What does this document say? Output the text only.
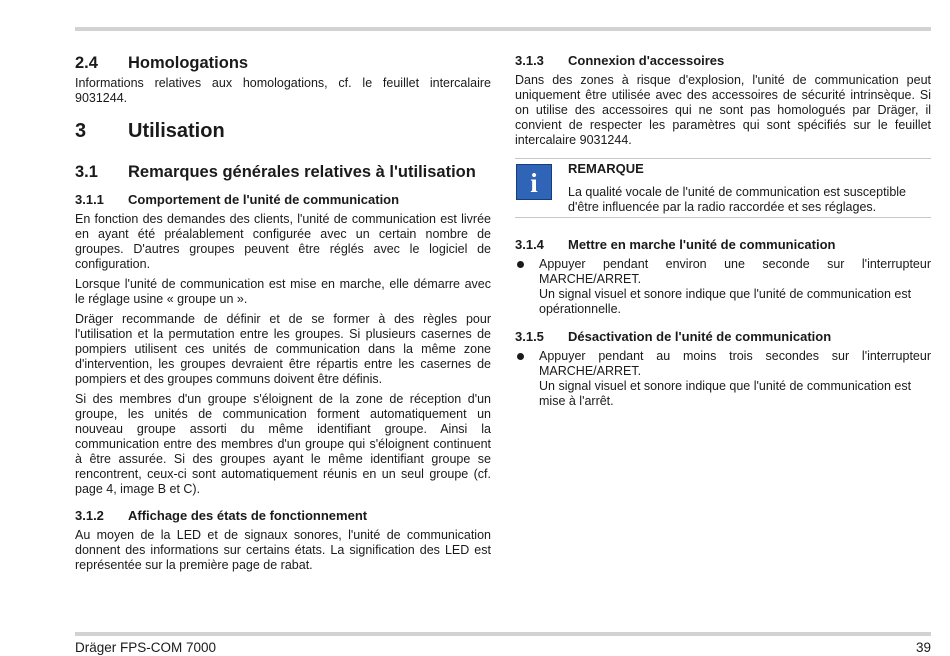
2.4 Homologations

Informations relatives aux homologations, cf. le feuillet intercalaire 9031244.

3 Utilisation
3.1 Remarques générales relatives à l'utilisation
3.1.1 Comportement de l'unité de communication

En fonction des demandes des clients, l'unité de communication est livrée en ayant été préalablement configurée avec un certain nombre de groupes. D'autres groupes peuvent être réglés avec le logiciel de configuration.

Lorsque l'unité de communication est mise en marche, elle démarre avec le réglage usine « groupe un ».

Dräger recommande de définir et de se former à des règles pour l'utilisation et la permutation entre les groupes. Si plusieurs casernes de pompiers utilisent ces unités de communication dans la même zone d'intervention, les groupes devraient être répartis entre les casernes de pompiers et des groupes communs doivent être définis.

Si des membres d'un groupe s'éloignent de la zone de réception d'un groupe, les unités de communication forment automatiquement un nouveau groupe assorti du même identifiant groupe. Ainsi la communication entre des membres d'un groupe qui s'éloignent continuent à être assurée. Si des groupes ayant le même identifiant groupe se rencontrent, ceux-ci sont automatiquement réunis en un seul groupe (cf. page 4, image B et C).

3.1.2 Affichage des états de fonctionnement

Au moyen de la LED et de signaux sonores, l'unité de communication donnent des informations sur certains états. La signification des LED est représentée sur la première page de rabat.

3.1.3 Connexion d'accessoires

Dans des zones à risque d'explosion, l'unité de communication peut uniquement être utilisée avec des accessoires de sécurité intrinsèque. Si on utilise des accessoires qui ne sont pas homologués par Dräger, il convient de respecter les paramètres qui sont spécifiés sur le feuillet intercalaire 9031244.

i	REMARQUE
La qualité vocale de l'unité de communication est susceptible d'être influencée par la radio raccordée et ses réglages.
3.1.4 Mettre en marche l'unité de communication

Appuyer pendant environ une seconde sur l'interrupteur MARCHE/ARRET.

Un signal visuel et sonore indique que l'unité de communication est opérationnelle.

3.1.5 Désactivation de l'unité de communication

Appuyer pendant au moins trois secondes sur l'interrupteur MARCHE/ARRET.

Un signal visuel et sonore indique que l'unité de communication est mise à l'arrêt.

Dräger FPS-COM 7000	39
